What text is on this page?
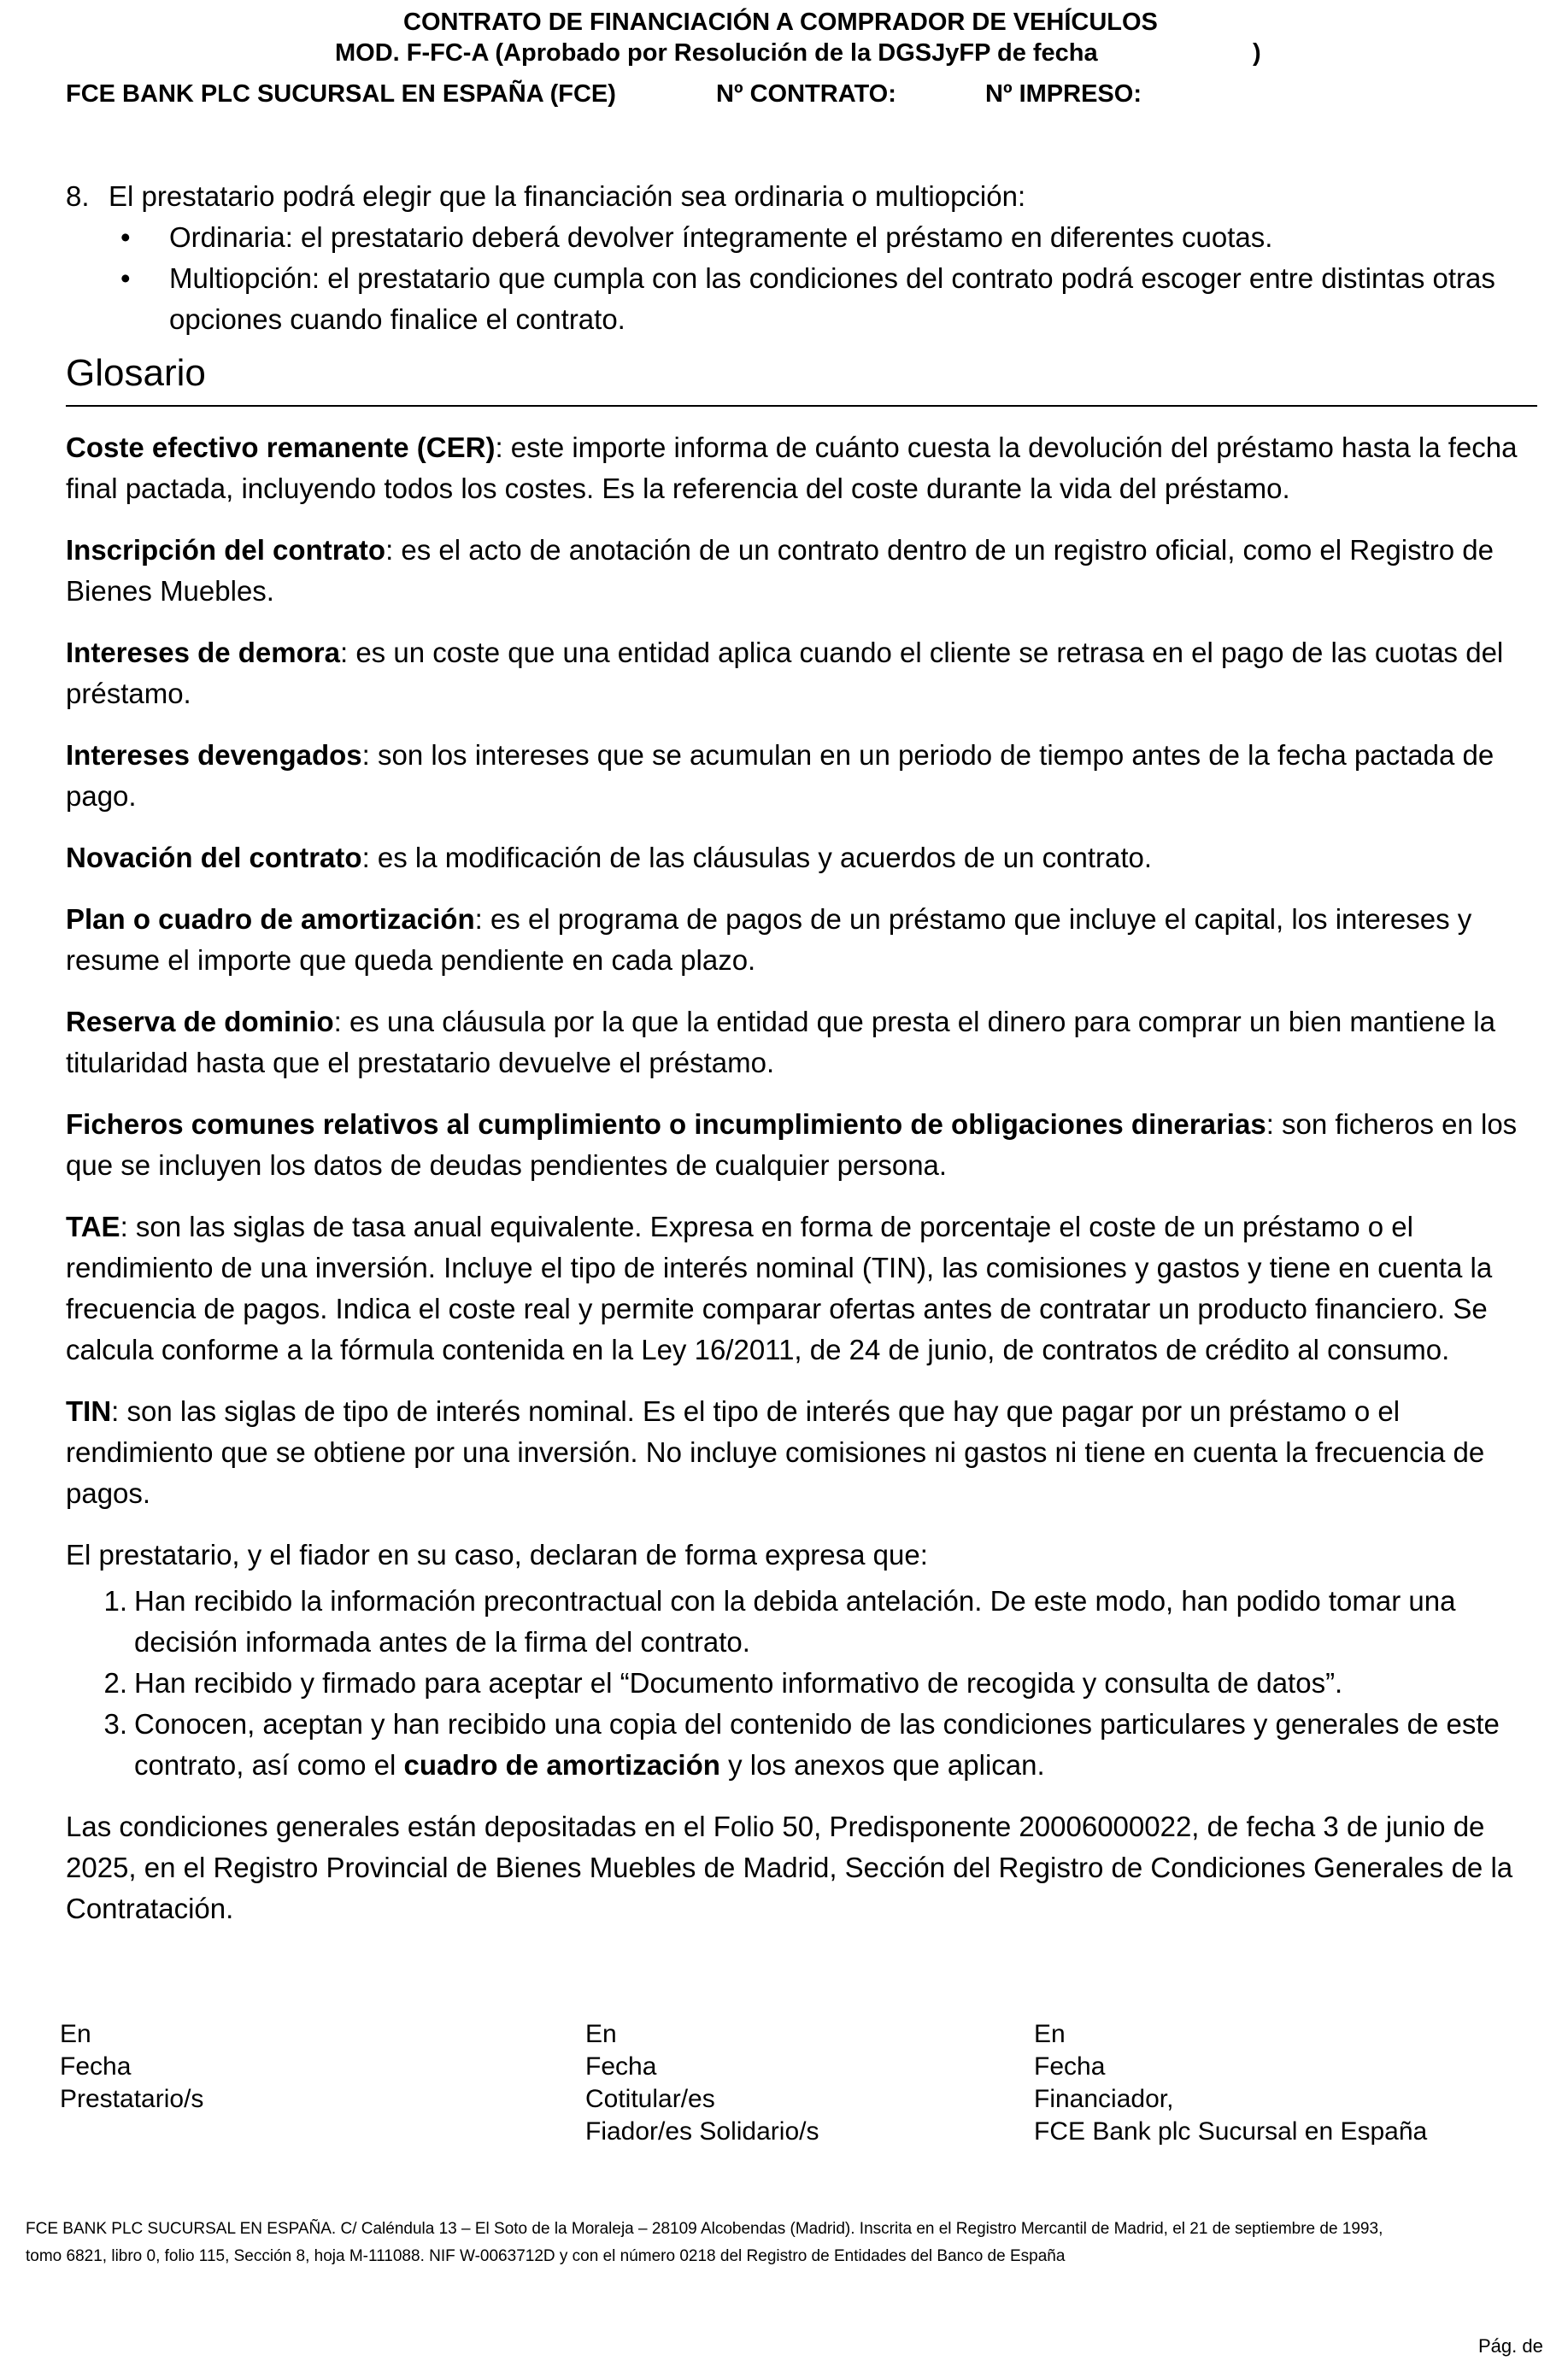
CONTRATO DE FINANCIACIÓN A COMPRADOR DE VEHÍCULOS
MOD. F-FC-A (Aprobado por Resolución de la DGSJyFP de fecha	)
FCE BANK PLC SUCURSAL EN ESPAÑA (FCE)	Nº CONTRATO:	Nº IMPRESO:
8. El prestatario podrá elegir que la financiación sea ordinaria o multiopción:
• Ordinaria: el prestatario deberá devolver íntegramente el préstamo en diferentes cuotas.
• Multiopción: el prestatario que cumpla con las condiciones del contrato podrá escoger entre distintas otras opciones cuando finalice el contrato.
Glosario

Coste efectivo remanente (CER): este importe informa de cuánto cuesta la devolución del préstamo hasta la fecha final pactada, incluyendo todos los costes. Es la referencia del coste durante la vida del préstamo.

Inscripción del contrato: es el acto de anotación de un contrato dentro de un registro oficial, como el Registro de Bienes Muebles.

Intereses de demora: es un coste que una entidad aplica cuando el cliente se retrasa en el pago de las cuotas del préstamo.

Intereses devengados: son los intereses que se acumulan en un periodo de tiempo antes de la fecha pactada de pago.

Novación del contrato: es la modificación de las cláusulas y acuerdos de un contrato.

Plan o cuadro de amortización: es el programa de pagos de un préstamo que incluye el capital, los intereses y resume el importe que queda pendiente en cada plazo.

Reserva de dominio: es una cláusula por la que la entidad que presta el dinero para comprar un bien mantiene la titularidad hasta que el prestatario devuelve el préstamo.

Ficheros comunes relativos al cumplimiento o incumplimiento de obligaciones dinerarias: son ficheros en los que se incluyen los datos de deudas pendientes de cualquier persona.

TAE: son las siglas de tasa anual equivalente. Expresa en forma de porcentaje el coste de un préstamo o el rendimiento de una inversión. Incluye el tipo de interés nominal (TIN), las comisiones y gastos y tiene en cuenta la frecuencia de pagos. Indica el coste real y permite comparar ofertas antes de contratar un producto financiero. Se calcula conforme a la fórmula contenida en la Ley 16/2011, de 24 de junio, de contratos de crédito al consumo.

TIN: son las siglas de tipo de interés nominal. Es el tipo de interés que hay que pagar por un préstamo o el rendimiento que se obtiene por una inversión. No incluye comisiones ni gastos ni tiene en cuenta la frecuencia de pagos.

El prestatario, y el fiador en su caso, declaran de forma expresa que:

1. Han recibido la información precontractual con la debida antelación. De este modo, han podido tomar una decisión informada antes de la firma del contrato.
2. Han recibido y firmado para aceptar el “Documento informativo de recogida y consulta de datos”.
3. Conocen, aceptan y han recibido una copia del contenido de las condiciones particulares y generales de este contrato, así como el cuadro de amortización y los anexos que aplican.

Las condiciones generales están depositadas en el Folio 50, Predisponente 20006000022, de fecha 3 de junio de 2025, en el Registro Provincial de Bienes Muebles de Madrid, Sección del Registro de Condiciones Generales de la Contratación.

En
Fecha
Prestatario/s
En
Fecha
Cotitular/es
Fiador/es Solidario/s
En
Fecha
Financiador,
FCE Bank plc Sucursal en España
FCE BANK PLC SUCURSAL EN ESPAÑA. C/ Caléndula 13 – El Soto de la Moraleja – 28109 Alcobendas (Madrid). Inscrita en el Registro Mercantil de Madrid, el 21 de septiembre de 1993,
tomo 6821, libro 0, folio 115, Sección 8, hoja M-111088. NIF W-0063712D y con el número 0218 del Registro de Entidades del Banco de España
Pág. de
